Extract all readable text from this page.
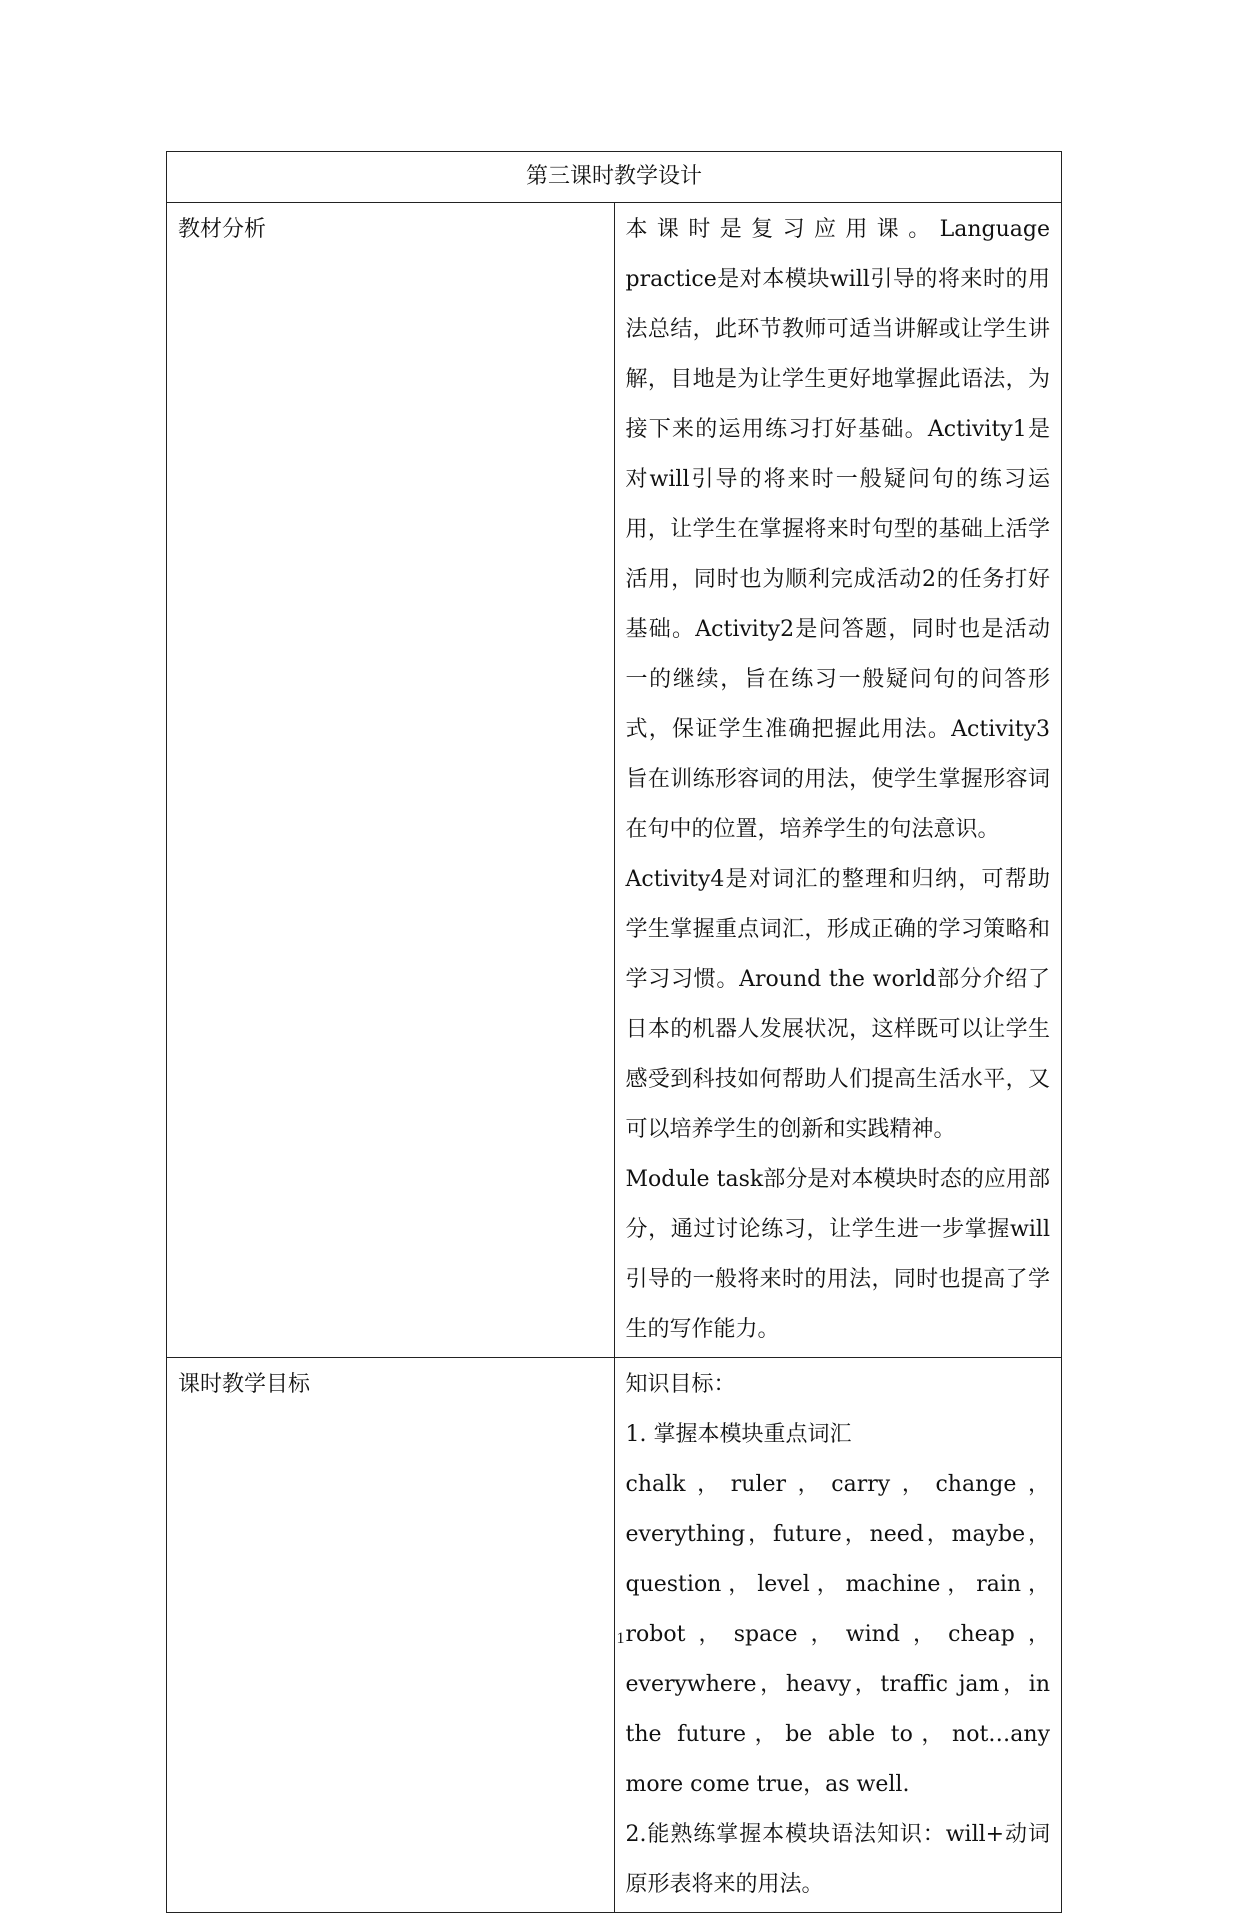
第三课时教学设计	
教材分析	本课时是复习应用课。Language practice是对本模块will引导的将来时的用法总结，此环节教师可适当讲解或让学生讲解，目地是为让学生更好地掌握此语法，为接下来的运用练习打好基础。Activity1是对will引导的将来时一般疑问句的练习运用，让学生在掌握将来时句型的基础上活学活用，同时也为顺利完成活动2的任务打好基础。Activity2是问答题，同时也是活动一的继续，旨在练习一般疑问句的问答形式，保证学生准确把握此用法。Activity3旨在训练形容词的用法，使学生掌握形容词在句中的位置，培养学生的句法意识。

Activity4是对词汇的整理和归纳，可帮助学生掌握重点词汇，形成正确的学习策略和学习习惯。Around the world部分介绍了日本的机器人发展状况，这样既可以让学生感受到科技如何帮助人们提高生活水平，又可以培养学生的创新和实践精神。

Module task部分是对本模块时态的应用部分，通过讨论练习，让学生进一步掌握will引导的一般将来时的用法，同时也提高了学生的写作能力。

课时教学目标	知识目标：

1. 掌握本模块重点词汇

chalk，ruler，carry，change，everything，future，need，maybe，question，level，machine，rain，robot，space，wind，cheap，everywhere，heavy，traffic jam，in the future，be able to，not…any more come true，as well.

2.能熟练掌握本模块语法知识：will+动词原形表将来的用法。

1
